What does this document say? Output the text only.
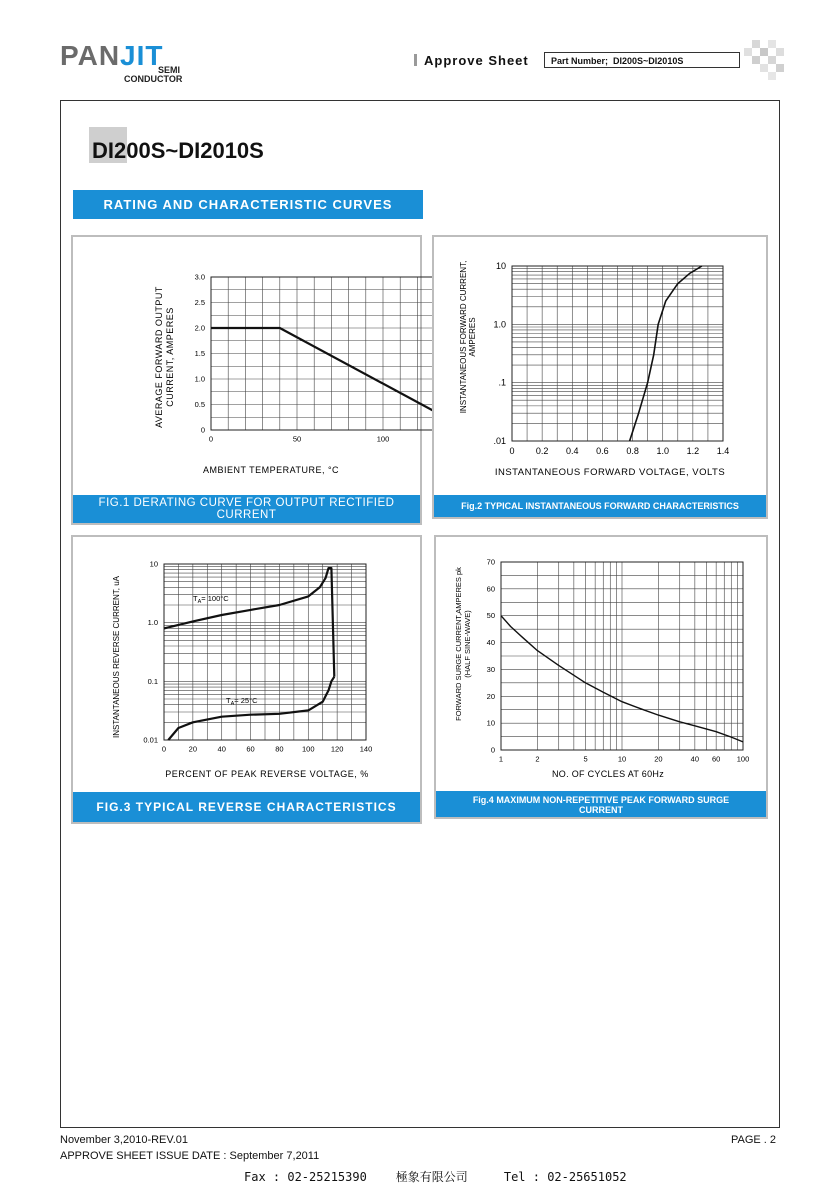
PANJIT
SEMI
CONDUCTOR
Approve Sheet	Part Number; DI200S~DI2010S
DI200S~DI2010S
RATING AND CHARACTERISTIC CURVES
AVERAGE FORWARD OUTPUTCURRENT, AMPERES
AMBIENT TEMPERATURE, °C
0	50	100
0
0.5
1.0
1.5
2.0
2.5
3.0
FIG.1 DERATING CURVE FOR OUTPUT RECTIFIED CURRENT
INSTANTANEOUS FORWARD CURRENT,AMPERES
INSTANTANEOUS FORWARD VOLTAGE, VOLTS
0 0.2 0.4 0.6 0.8 1.0 1.2 1.4
.01
.1
1.0
10
Fig.2 TYPICAL INSTANTANEOUS FORWARD CHARACTERISTICS
INSTANTANEOUS REVERSE CURRENT, uA
PERCENT OF PEAK REVERSE VOLTAGE, %
$T_A= 100^\circ C$
$T_A= 25^\circ C$
0	20	40	60	80 100 120 140
0.01
0.1
1.0
10
FIG.3 TYPICAL REVERSE CHARACTERISTICS
FORWARD SURGE CURRENT,AMPERES pk(HALF SINE-WAVE)
NO. OF CYCLES AT 60Hz
1	2	5	10	20	40 60 100
0
10
20
30
40
50
60
70
Fig.4 MAXIMUM NON-REPETITIVE PEAK FORWARD SURGE CURRENT
November 3,2010-REV.01	PAGE . 2
APPROVE SHEET ISSUE DATE : September 7,2011
Fax : 02-25215390    極象有限公司     Tel : 02-25651052
